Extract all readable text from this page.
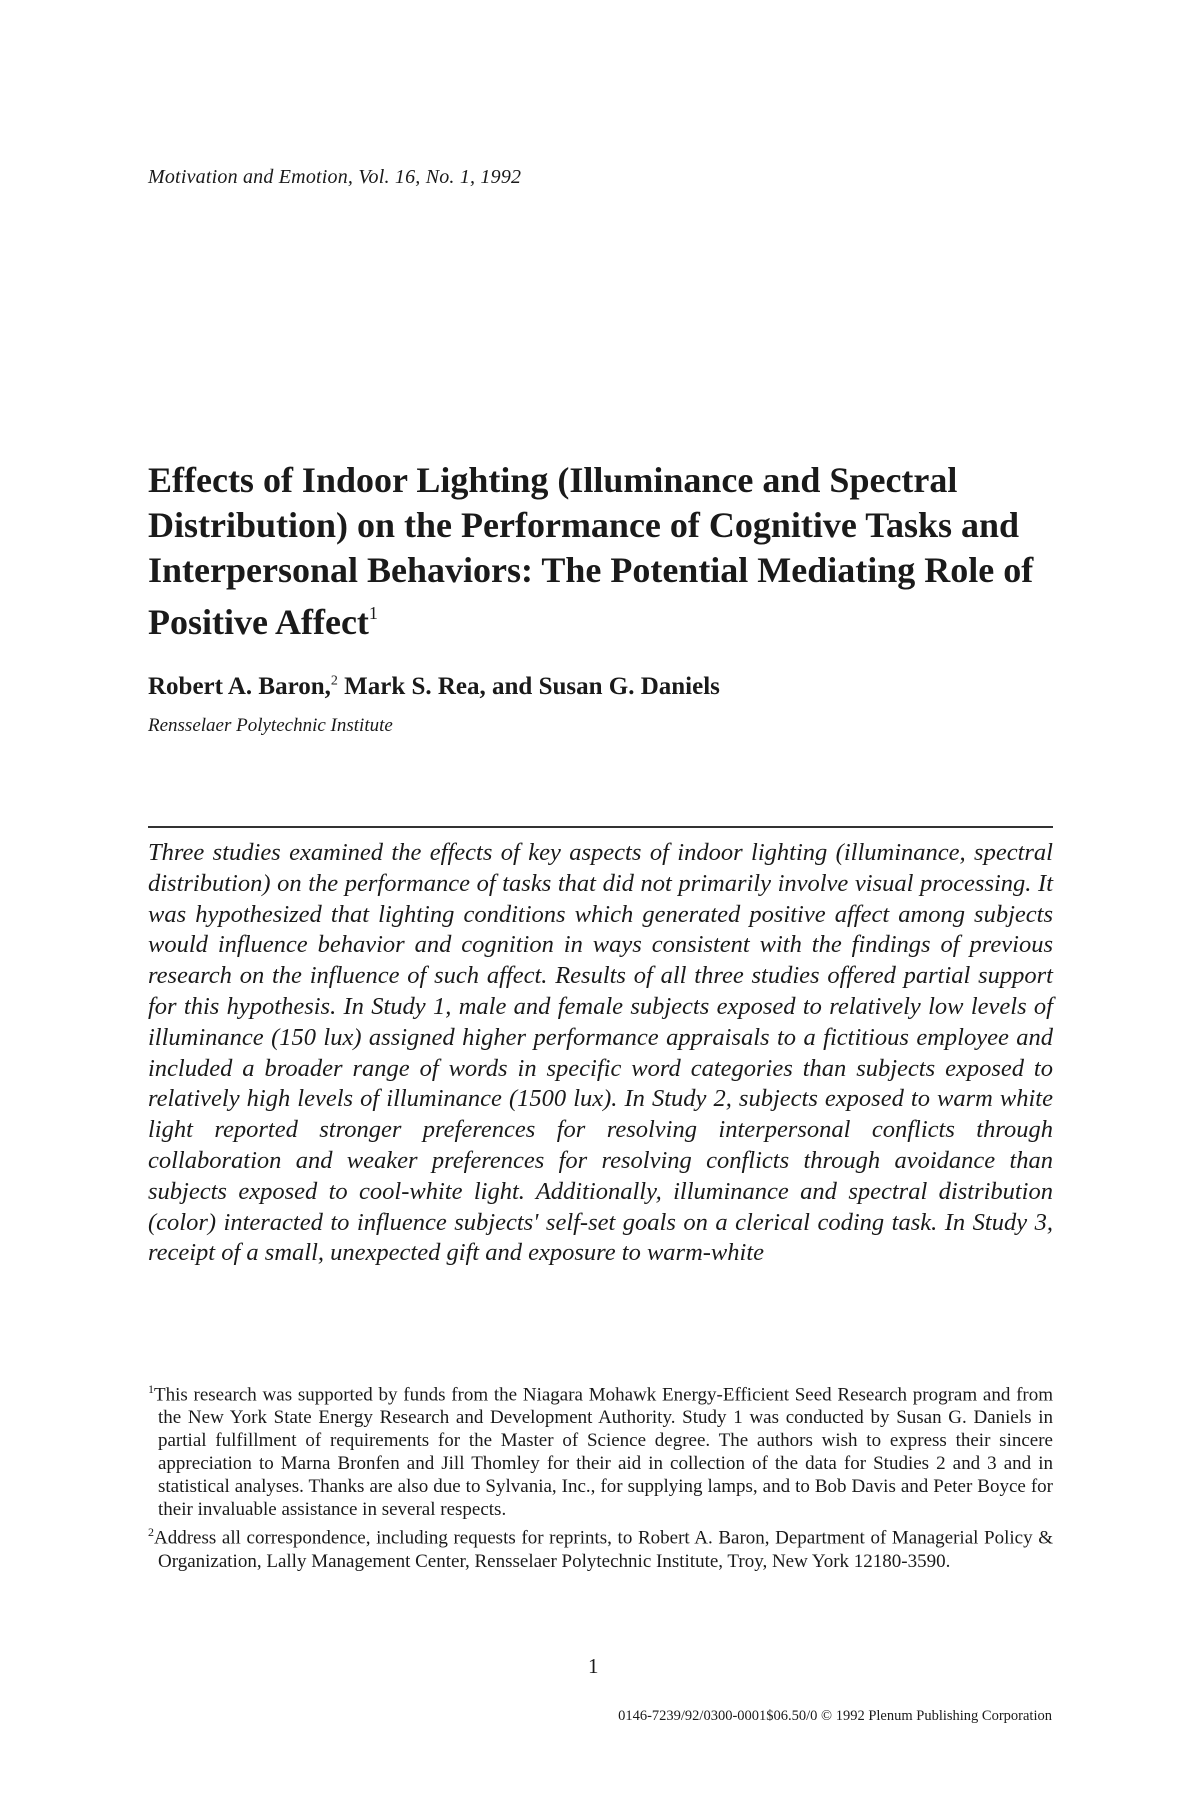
Motivation and Emotion, Vol. 16, No. 1, 1992
Effects of Indoor Lighting (Illuminance and Spectral Distribution) on the Performance of Cognitive Tasks and Interpersonal Behaviors: The Potential Mediating Role of Positive Affect$^1$
Robert A. Baron,$^2$ Mark S. Rea, and Susan G. Daniels
Rensselaer Polytechnic Institute

Three studies examined the effects of key aspects of indoor lighting (illuminance, spectral distribution) on the performance of tasks that did not primarily involve visual processing. It was hypothesized that lighting conditions which generated positive affect among subjects would influence behavior and cognition in ways consistent with the findings of previous research on the influence of such affect. Results of all three studies offered partial support for this hypothesis. In Study 1, male and female subjects exposed to relatively low levels of illuminance (150 lux) assigned higher performance appraisals to a fictitious employee and included a broader range of words in specific word categories than subjects exposed to relatively high levels of illuminance (1500 lux). In Study 2, subjects exposed to warm white light reported stronger preferences for resolving interpersonal conflicts through collaboration and weaker preferences for resolving conflicts through avoidance than subjects exposed to cool-white light. Additionally, illuminance and spectral distribution (color) interacted to influence subjects' self-set goals on a clerical coding task. In Study 3, receipt of a small, unexpected gift and exposure to warm-white

$^1$This research was supported by funds from the Niagara Mohawk Energy-Efficient Seed Research program and from the New York State Energy Research and Development Authority. Study 1 was conducted by Susan G. Daniels in partial fulfillment of requirements for the Master of Science degree. The authors wish to express their sincere appreciation to Marna Bronfen and Jill Thomley for their aid in collection of the data for Studies 2 and 3 and in statistical analyses. Thanks are also due to Sylvania, Inc., for supplying lamps, and to Bob Davis and Peter Boyce for their invaluable assistance in several respects.

$^2$Address all correspondence, including requests for reprints, to Robert A. Baron, Department of Managerial Policy & Organization, Lally Management Center, Rensselaer Polytechnic Institute, Troy, New York 12180-3590.

1
0146-7239/92/0300-0001$06.50/0 © 1992 Plenum Publishing Corporation
